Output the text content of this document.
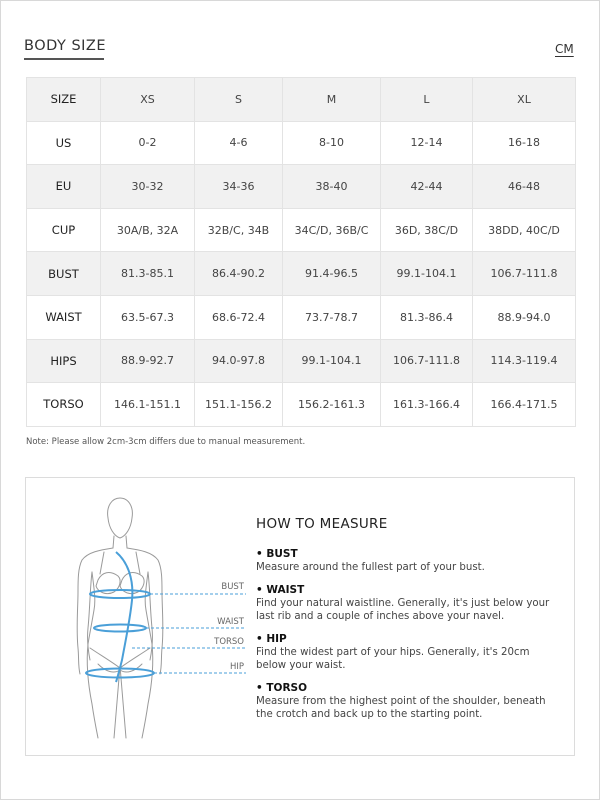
BODY SIZE	CM
SIZE	XS	S	M	L	XL
US	0-2	4-6	8-10	12-14	16-18
EU	30-32	34-36	38-40	42-44	46-48
CUP	30A/B, 32A	32B/C, 34B	34C/D, 36B/C	36D, 38C/D	38DD, 40C/D
BUST	81.3-85.1	86.4-90.2	91.4-96.5	99.1-104.1	106.7-111.8
WAIST	63.5-67.3	68.6-72.4	73.7-78.7	81.3-86.4	88.9-94.0
HIPS	88.9-92.7	94.0-97.8	99.1-104.1	106.7-111.8	114.3-119.4
TORSO	146.1-151.1	151.1-156.2	156.2-161.3	161.3-166.4	166.4-171.5
Note: Please allow 2cm-3cm differs due to manual measurement.
BUST
WAIST
TORSO
HIP
HOW TO MEASURE
• BUST
Measure around the fullest part of your bust.
• WAIST
Find your natural waistline. Generally, it's just below your last rib and a couple of inches above your navel.
• HIP
Find the widest part of your hips. Generally, it's 20cm below your waist.
• TORSO
Measure from the highest point of the shoulder, beneath the crotch and back up to the starting point.
